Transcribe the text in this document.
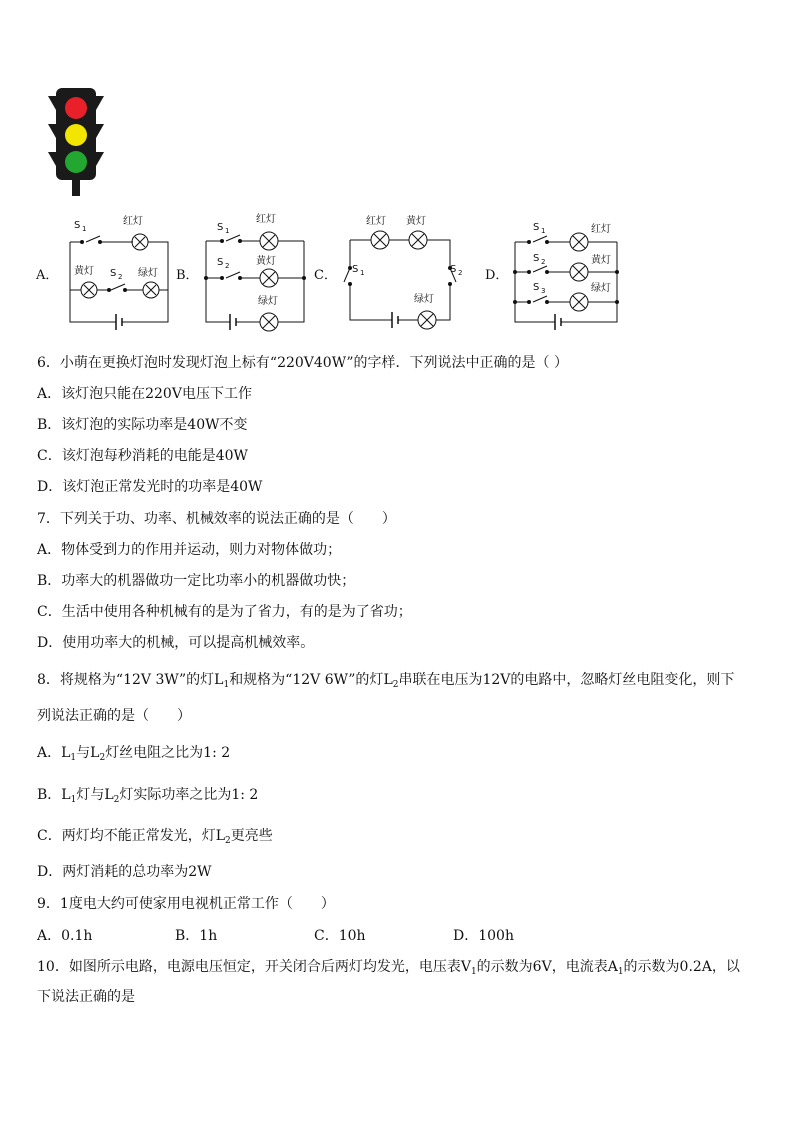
A．	B．	C．	D．
S 1
红灯
黄灯 S 2 绿灯
S 1
红灯
S 2	黄灯
绿灯
红灯 黄灯
S 1	S 2
绿灯
S 1	红灯
S 2	黄灯
S 3	绿灯
6．小萌在更换灯泡时发现灯泡上标有“220V40W”的字样．下列说法中正确的是（ ）
A．该灯泡只能在220V电压下工作
B．该灯泡的实际功率是40W不变
C．该灯泡每秒消耗的电能是40W
D．该灯泡正常发光时的功率是40W
7．下列关于功、功率、机械效率的说法正确的是（　　）
A．物体受到力的作用并运动，则力对物体做功；
B．功率大的机器做功一定比功率小的机器做功快；
C．生活中使用各种机械有的是为了省力，有的是为了省功；
D．使用功率大的机械，可以提高机械效率。
8．将规格为“12V 3W”的灯$L_1$和规格为“12V 6W”的灯$L_2$串联在电压为12V的电路中，忽略灯丝电阻变化，则下
列说法正确的是（　　）
A．$L_1$与$L_2$灯丝电阻之比为1: 2
B．$L_1$灯与$L_2$灯实际功率之比为1: 2
C．两灯均不能正常发光，灯$L_2$更亮些
D．两灯消耗的总功率为2W
9．1度电大约可使家用电视机正常工作（　　）
A．0.1h	B．1h	C．10h	D．100h
10．如图所示电路，电源电压恒定，开关闭合后两灯均发光，电压表$V_1$的示数为6V，电流表$A_1$的示数为0.2A，以
下说法正确的是
